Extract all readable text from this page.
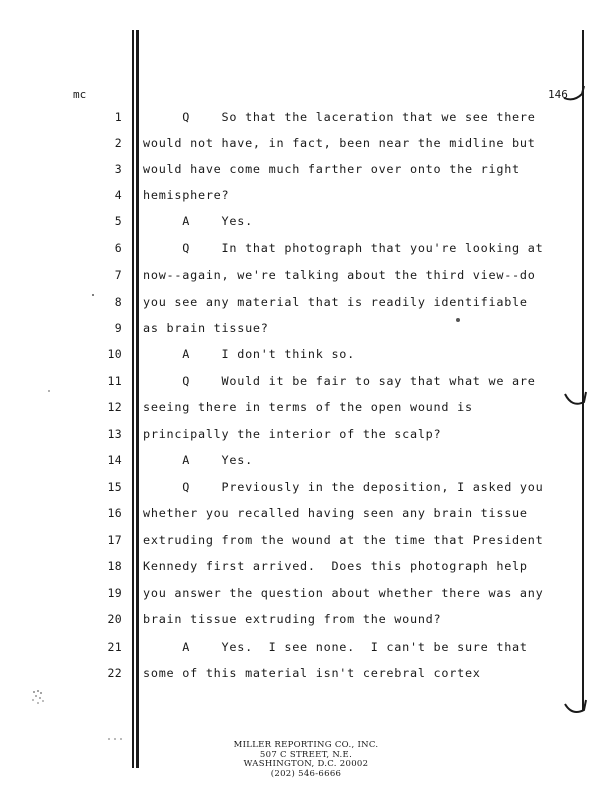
mc	146
1 Q    So that the laceration that we see there
2 would not have, in fact, been near the midline but
3 would have come much farther over onto the right
4 hemisphere?
5 A    Yes.
6 Q    In that photograph that you're looking at
7 now--again, we're talking about the third view--do
8 you see any material that is readily identifiable
9 as brain tissue?
10 A    I don't think so.
11 Q    Would it be fair to say that what we are
12 seeing there in terms of the open wound is
13 principally the interior of the scalp?
14 A    Yes.
15 Q    Previously in the deposition, I asked you
16 whether you recalled having seen any brain tissue
17 extruding from the wound at the time that President
18 Kennedy first arrived.  Does this photograph help
19 you answer the question about whether there was any
20 brain tissue extruding from the wound?
21 A    Yes.  I see none.  I can't be sure that
22 some of this material isn't cerebral cortex
MILLER REPORTING CO., INC.
507 C STREET, N.E.
WASHINGTON, D.C. 20002
(202) 546-6666
